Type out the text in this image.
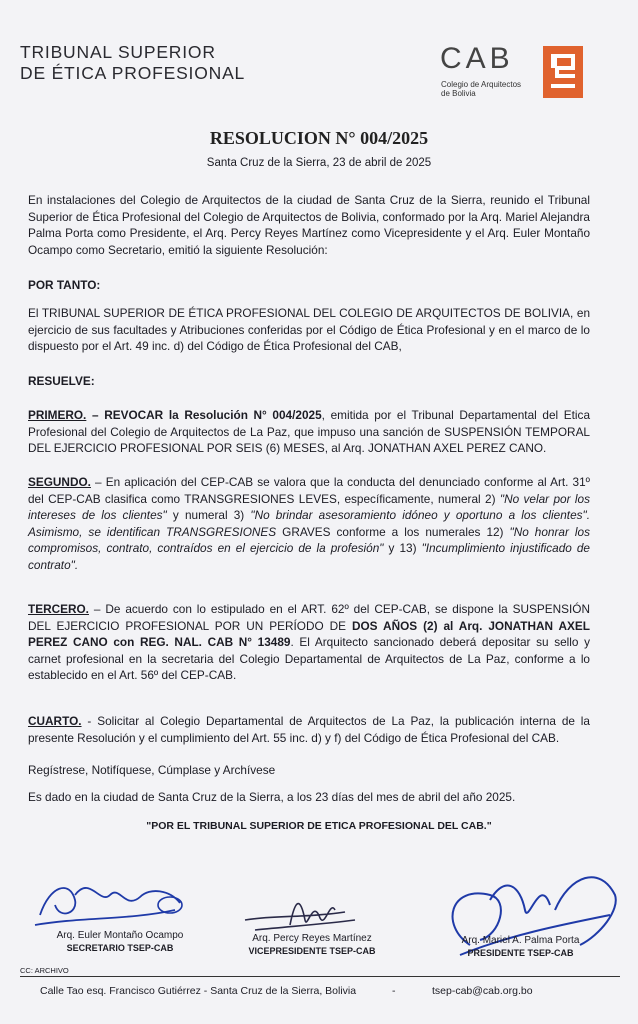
TRIBUNAL SUPERIOR
DE ÉTICA PROFESIONAL	CAB
Colegio de Arquitectos
de Bolivia
RESOLUCION N° 004/2025
Santa Cruz de la Sierra, 23 de abril de 2025
En instalaciones del Colegio de Arquitectos de la ciudad de Santa Cruz de la Sierra, reunido el Tribunal Superior de Ética Profesional del Colegio de Arquitectos de Bolivia, conformado por la Arq. Mariel Alejandra Palma Porta como Presidente, el Arq. Percy Reyes Martínez como Vicepresidente y el Arq. Euler Montaño Ocampo como Secretario, emitió la siguiente Resolución:
POR TANTO:
El TRIBUNAL SUPERIOR DE ÉTICA PROFESIONAL DEL COLEGIO DE ARQUITECTOS DE BOLIVIA, en ejercicio de sus facultades y Atribuciones conferidas por el Código de Ética Profesional y en el marco de lo dispuesto por el Art. 49 inc. d) del Código de Ética Profesional del CAB,
RESUELVE:
PRIMERO. – REVOCAR la Resolución N° 004/2025, emitida por el Tribunal Departamental del Etica Profesional del Colegio de Arquitectos de La Paz, que impuso una sanción de SUSPENSIÓN TEMPORAL DEL EJERCICIO PROFESIONAL POR SEIS (6) MESES, al Arq. JONATHAN AXEL PEREZ CANO.
SEGUNDO. – En aplicación del CEP-CAB se valora que la conducta del denunciado conforme al Art. 31º del CEP-CAB clasifica como TRANSGRESIONES LEVES, específicamente, numeral 2) "No velar por los intereses de los clientes" y numeral 3) "No brindar asesoramiento idóneo y oportuno a los clientes". Asimismo, se identifican TRANSGRESIONES GRAVES conforme a los numerales 12) "No honrar los compromisos, contrato, contraídos en el ejercicio de la profesión" y 13) "Incumplimiento injustificado de contrato".
TERCERO. – De acuerdo con lo estipulado en el ART. 62º del CEP-CAB, se dispone la SUSPENSIÓN DEL EJERCICIO PROFESIONAL POR UN PERÍODO DE DOS AÑOS (2) al Arq. JONATHAN AXEL PEREZ CANO con REG. NAL. CAB N° 13489. El Arquitecto sancionado deberá depositar su sello y carnet profesional en la secretaria del Colegio Departamental de Arquitectos de La Paz, conforme a lo establecido en el Art. 56º del CEP-CAB.
CUARTO. - Solicitar al Colegio Departamental de Arquitectos de La Paz, la publicación interna de la presente Resolución y el cumplimiento del Art. 55 inc. d) y f) del Código de Ética Profesional del CAB.
Regístrese, Notifíquese, Cúmplase y Archívese
Es dado en la ciudad de Santa Cruz de la Sierra, a los 23 días del mes de abril del año 2025.
"POR EL TRIBUNAL SUPERIOR DE ETICA PROFESIONAL DEL CAB."
Arq. Euler Montaño Ocampo
SECRETARIO TSEP-CAB
Arq. Percy Reyes Martínez
VICEPRESIDENTE TSEP-CAB
Arq. Mariel A. Palma Porta
PRESIDENTE TSEP-CAB
CC: ARCHIVO
Calle Tao esq. Francisco Gutiérrez - Santa Cruz de la Sierra, Bolivia	-	tsep-cab@cab.org.bo
